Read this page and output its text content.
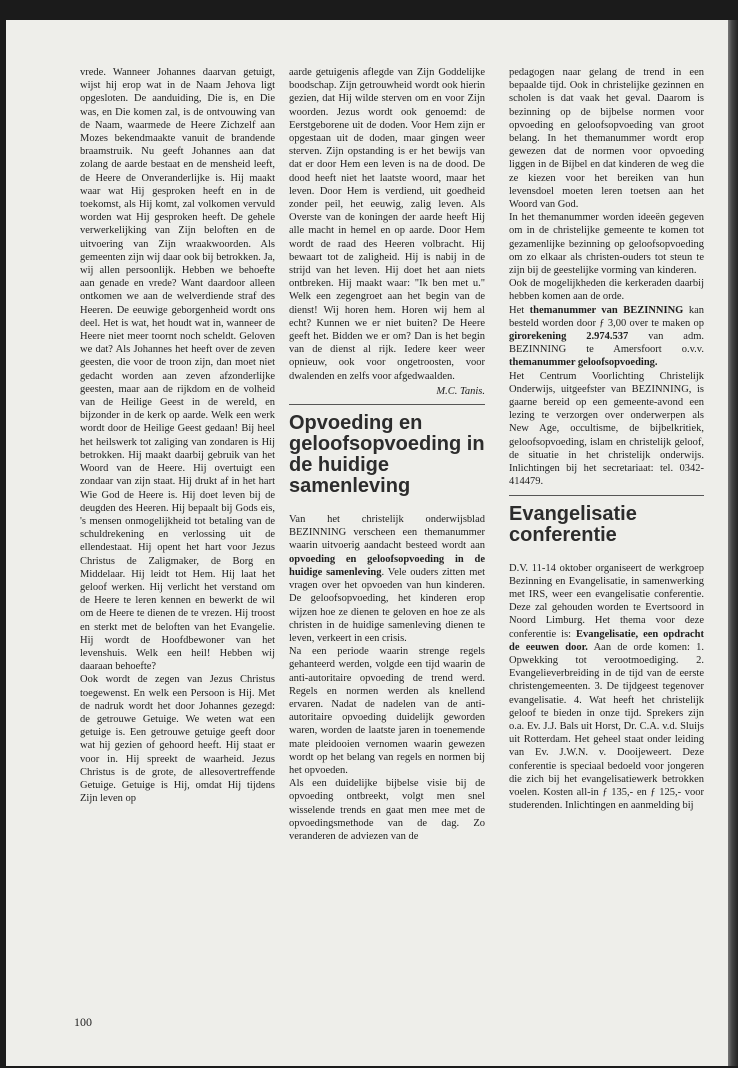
vrede. Wanneer Johannes daarvan getuigt, wijst hij erop wat in de Naam Jehova ligt opgesloten. De aanduiding, Die is, en Die was, en Die komen zal, is de ontvouwing van de Naam, waarmede de Heere Zichzelf aan Mozes bekendmaakte vanuit de brandende braamstruik. Nu geeft Johannes aan dat zolang de aarde bestaat en de mensheid leeft, de Heere de Onveranderlijke is. Hij maakt waar wat Hij gesproken heeft en in de toekomst, als Hij komt, zal volkomen vervuld worden wat Hij gesproken heeft. De gehele verwerkelijking van Zijn beloften en de uitvoering van Zijn wraakwoorden. Als gemeenten zijn wij daar ook bij betrokken. Ja, wij allen persoonlijk. Hebben we behoefte aan genade en vrede? Want daardoor alleen ontkomen we aan de welverdiende straf des Heeren. De eeuwige geborgenheid wordt ons deel. Het is wat, het houdt wat in, wanneer de Heere niet meer toornt noch scheldt. Geloven we dat? Als Johannes het heeft over de zeven geesten, die voor de troon zijn, dan moet niet gedacht worden aan zeven afzonderlijke geesten, maar aan de rijkdom en de volheid van de Heilige Geest in de wereld, en bijzonder in de kerk op aarde. Welk een werk wordt door de Heilige Geest gedaan! Bij heel het heilswerk tot zaliging van zondaren is Hij betrokken. Hij maakt daarbij gebruik van het Woord van de Heere. Hij overtuigt een zondaar van zijn staat. Hij drukt af in het hart Wie God de Heere is. Hij doet leven bij de deugden des Heeren. Hij bepaalt bij Gods eis, 's mensen onmogelijkheid tot betaling van de schuldrekening en verlossing uit de ellendestaat. Hij opent het hart voor Jezus Christus de Zaligmaker, de Borg en Middelaar. Hij leidt tot Hem. Hij laat het geloof werken. Hij verlicht het verstand om de Heere te leren kennen en bewerkt de wil om de Heere te dienen de te vrezen. Hij troost en sterkt met de beloften van het Evangelie. Hij wordt de Hoofdbewoner van het levenshuis. Welk een heil! Hebben wij daaraan behoefte?

Ook wordt de zegen van Jezus Christus toegewenst. En welk een Persoon is Hij. Met de nadruk wordt het door Johannes gezegd: de getrouwe Getuige. We weten wat een getuige is. Een getrouwe getuige geeft door wat hij gezien of gehoord heeft. Hij staat er voor in. Hij spreekt de waarheid. Jezus Christus is de grote, de allesovertreffende Getuige. Getuige is Hij, omdat Hij tijdens Zijn leven op

aarde getuigenis aflegde van Zijn Goddelijke boodschap. Zijn getrouwheid wordt ook hierin gezien, dat Hij wilde sterven om en voor Zijn woorden. Jezus wordt ook genoemd: de Eerstgeborene uit de doden. Voor Hem zijn er opgestaan uit de doden, maar gingen weer sterven. Zijn opstanding is er het bewijs van dat er door Hem een leven is na de dood. De dood heeft niet het laatste woord, maar het leven. Door Hem is verdiend, uit goedheid zonder peil, het eeuwig, zalig leven. Als Overste van de koningen der aarde heeft Hij alle macht in hemel en op aarde. Door Hem wordt de raad des Heeren volbracht. Hij bewaart tot de zaligheid. Hij is nabij in de strijd van het leven. Hij doet het aan niets ontbreken. Hij maakt waar: "Ik ben met u." Welk een zegengroet aan het begin van de dienst! Wij horen hem. Horen wij hem al echt? Kunnen we er niet buiten? De Heere geeft het. Bidden we er om? Dan is het begin van de dienst al rijk. Iedere keer weer opnieuw, ook voor ongetroosten, voor dwalenden en zelfs voor afgedwaalden.

M.C. Tanis.

Opvoeding en geloofsopvoeding in de huidige samenleving

Van het christelijk onderwijsblad BEZINNING verscheen een themanummer waarin uitvoerig aandacht besteed wordt aan opvoeding en geloofsopvoeding in de huidige samenleving. Vele ouders zitten met vragen over het opvoeden van hun kinderen. De geloofsopvoeding, het kinderen erop wijzen hoe ze dienen te geloven en hoe ze als christen in de huidige samenleving dienen te leven, verkeert in een crisis.

Na een periode waarin strenge regels gehanteerd werden, volgde een tijd waarin de anti-autoritaire opvoeding de trend werd. Regels en normen werden als knellend ervaren. Nadat de nadelen van de anti-autoritaire opvoeding duidelijk geworden waren, worden de laatste jaren in toenemende mate pleidooien vernomen waarin gewezen wordt op het belang van regels en normen bij het opvoeden.

Als een duidelijke bijbelse visie bij de opvoeding ontbreekt, volgt men snel wisselende trends en gaat men mee met de opvoedingsmethode van de dag. Zo veranderen de adviezen van de

pedagogen naar gelang de trend in een bepaalde tijd. Ook in christelijke gezinnen en scholen is dat vaak het geval. Daarom is bezinning op de bijbelse normen voor opvoeding en geloofsopvoeding van groot belang. In het themanummer wordt erop gewezen dat de normen voor opvoeding liggen in de Bijbel en dat kinderen de weg die ze kiezen voor het bereiken van hun levensdoel moeten leren toetsen aan het Woord van God.

In het themanummer worden ideeën gegeven om in de christelijke gemeente te komen tot gezamenlijke bezinning op geloofsopvoeding om zo elkaar als christen-ouders tot steun te zijn bij de geestelijke vorming van kinderen.

Ook de mogelijkheden die kerkeraden daarbij hebben komen aan de orde.

Het themanummer van BEZINNING kan besteld worden door ƒ 3,00 over te maken op girorekening 2.974.537 van adm. BEZINNING te Amersfoort o.v.v. themanummer geloofsopvoeding.

Het Centrum Voorlichting Christelijk Onderwijs, uitgeefster van BEZINNING, is gaarne bereid op een gemeente-avond een lezing te verzorgen over onderwerpen als New Age, occultisme, de bijbelkritiek, geloofsopvoeding, islam en christelijk geloof, de situatie in het christelijk onderwijs. Inlichtingen bij het secretariaat: tel. 0342-414479.

Evangelisatie conferentie

D.V. 11-14 oktober organiseert de werkgroep Bezinning en Evangelisatie, in samenwerking met IRS, weer een evangelisatie conferentie. Deze zal gehouden worden te Evertsoord in Noord Limburg. Het thema voor deze conferentie is: Evangelisatie, een opdracht de eeuwen door. Aan de orde komen: 1. Opwekking tot verootmoediging. 2. Evangelieverbreiding in de tijd van de eerste christengemeenten. 3. De tijdgeest tegenover evangelisatie. 4. Wat heeft het christelijk geloof te bieden in onze tijd. Sprekers zijn o.a. Ev. J.J. Bals uit Horst, Dr. C.A. v.d. Sluijs uit Rotterdam. Het geheel staat onder leiding van Ev. J.W.N. v. Dooijeweert. Deze conferentie is speciaal bedoeld voor jongeren die zich bij het evangelisatiewerk betrokken voelen. Kosten all-in ƒ 135,- en ƒ 125,- voor studerenden. Inlichtingen en aanmelding bij

100
